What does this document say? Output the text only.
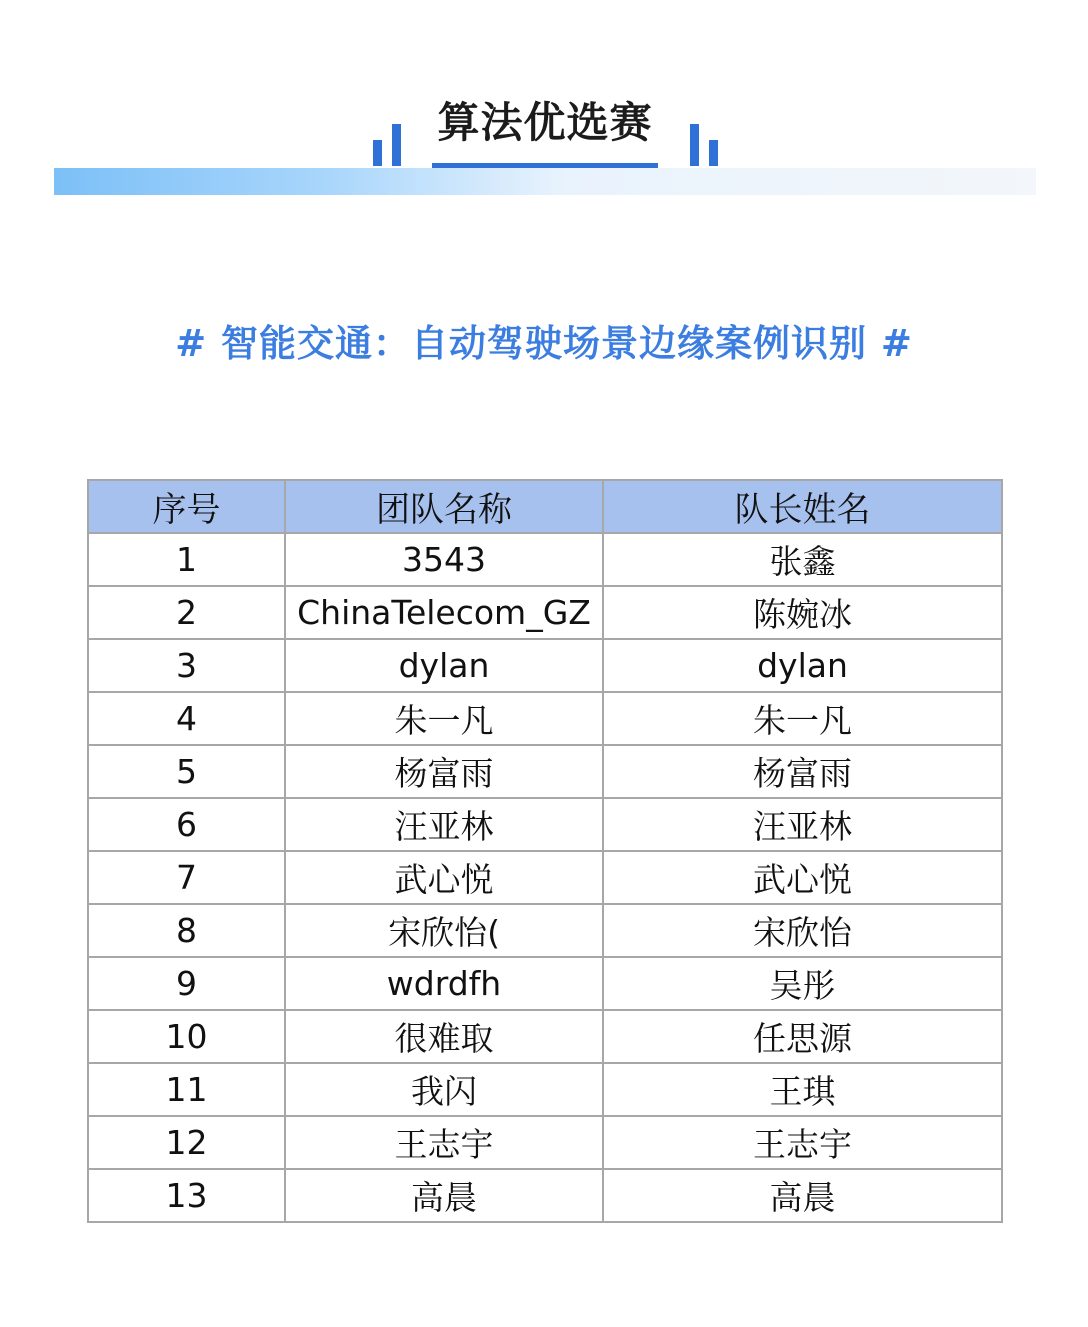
算法优选赛
# 智能交通：自动驾驶场景边缘案例识别 #
序号	团队名称	队长姓名
1	3543	张鑫
2	ChinaTelecom_GZ	陈婉冰
3	dylan	dylan
4	朱一凡	朱一凡
5	杨富雨	杨富雨
6	汪亚林	汪亚林
7	武心悦	武心悦
8	宋欣怡(	宋欣怡
9	wdrdfh	吴彤
10	很难取	任思源
11	我闪	王琪
12	王志宇	王志宇
13	高晨	高晨
